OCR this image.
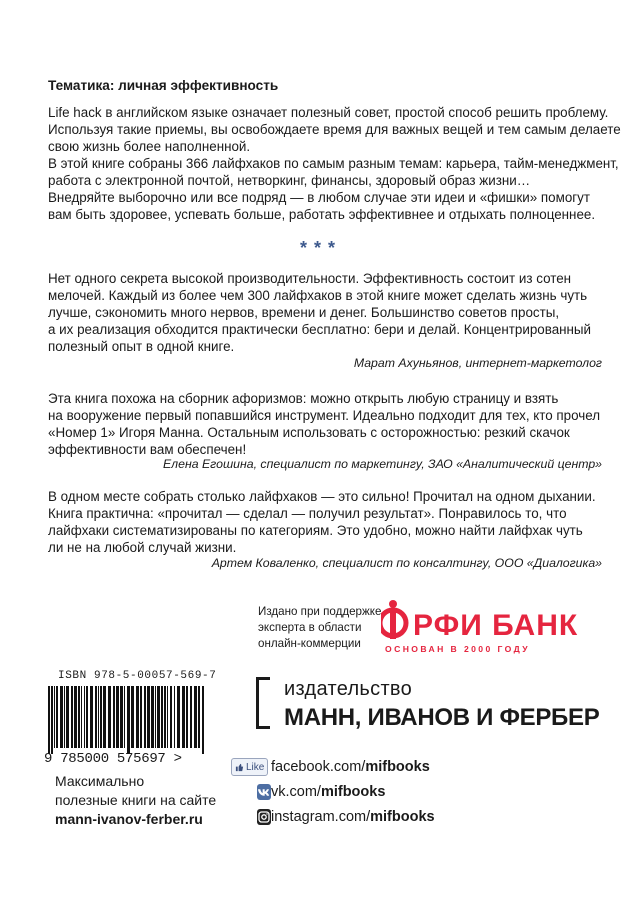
Тематика: личная эффективность
Life hack в английском языке означает полезный совет, простой способ решить проблему.
Используя такие приемы, вы освобождаете время для важных вещей и тем самым делаете
свою жизнь более наполненной.
В этой книге собраны 366 лайфхаков по самым разным темам: карьера, тайм-менеджмент,
работа с электронной почтой, нетворкинг, финансы, здоровый образ жизни…
Внедряйте выборочно или все подряд — в любом случае эти идеи и «фишки» помогут
вам быть здоровее, успевать больше, работать эффективнее и отдыхать полноценнее.
***
Нет одного секрета высокой производительности. Эффективность состоит из сотен
мелочей. Каждый из более чем 300 лайфхаков в этой книге может сделать жизнь чуть
лучше, сэкономить много нервов, времени и денег. Большинство советов просты,
а их реализация обходится практически бесплатно: бери и делай. Концентрированный
полезный опыт в одной книге.
Марат Ахуньянов, интернет-маркетолог
Эта книга похожа на сборник афоризмов: можно открыть любую страницу и взять
на вооружение первый попавшийся инструмент. Идеально подходит для тех, кто прочел
«Номер 1» Игоря Манна. Остальным использовать с осторожностью: резкий скачок
эффективности вам обеспечен!
Елена Егошина, специалист по маркетингу, ЗАО «Аналитический центр»
В одном месте собрать столько лайфхаков — это сильно! Прочитал на одном дыхании.
Книга практична: «прочитал — сделал — получил результат». Понравилось то, что
лайфхаки систематизированы по категориям. Это удобно, можно найти лайфхак чуть
ли не на любой случай жизни.
Артем Коваленко, специалист по консалтингу, ООО «Диалогика»
Издано при поддержке
эксперта в области
онлайн-коммерции
РФИ БАНК
ОСНОВАН В 2000 ГОДУ
ISBN 978-5-00057-569-7
9 785000 575697 >
Максимально
полезные книги на сайте
mann-ivanov-ferber.ru
издательство
МАНН, ИВАНОВ И ФЕРБЕР
Like facebook.com/ mifbooks
vk.com/ mifbooks
instagram.com/ mifbooks
